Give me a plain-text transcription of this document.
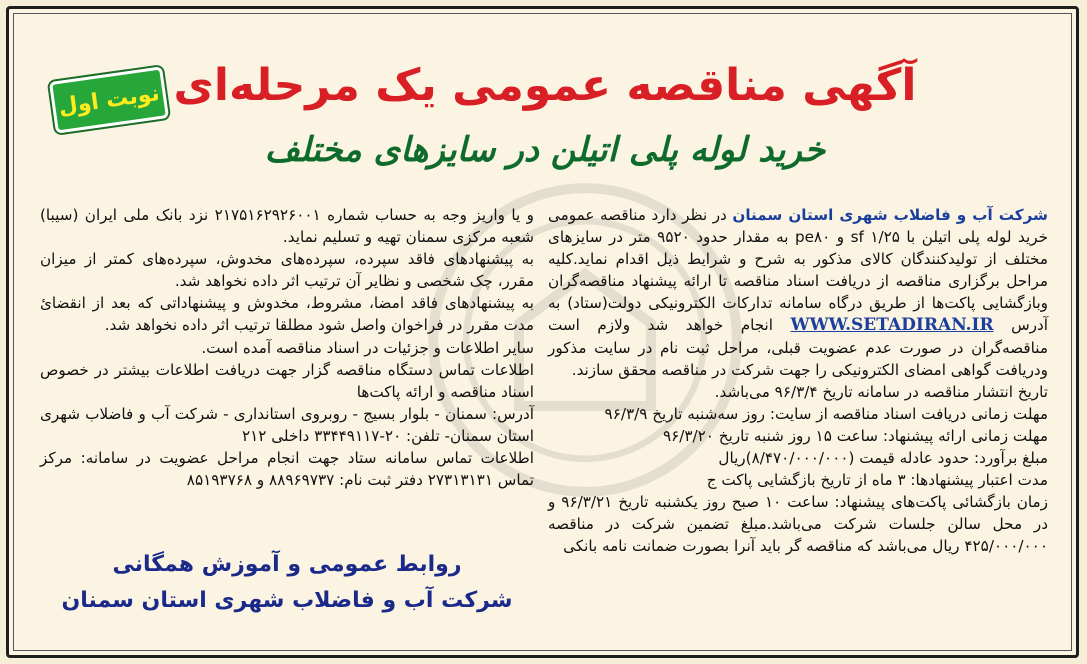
نوبت اول آگهی مناقصه عمومی یک مرحله‌ای
خرید لوله پلی اتیلن در سایزهای مختلف

شرکت آب و فاضلاب شهری استان سمنان در نظر دارد مناقصه عمومی خرید لوله پلی اتیلن با ۱/۲۵ sf و pe۸۰ به مقدار حدود ۹۵۲۰ متر در سایزهای مختلف از تولیدکنندگان کالای مذکور به شرح و شرایط ذیل اقدام نماید.کلیه مراحل برگزاری مناقصه از دریافت اسناد مناقصه تا ارائه پیشنهاد مناقصه‌گران وبازگشایی پاکت‌ها از طریق درگاه سامانه تدارکات الکترونیکی دولت(ستاد) به آدرس WWW.SETADIRAN.IR انجام خواهد شد ولازم است مناقصه‌گران در صورت عدم عضویت قبلی، مراحل ثبت نام در سایت مذکور ودریافت گواهی امضای الکترونیکی را جهت شرکت در مناقصه محقق سازند.

تاریخ انتشار مناقصه در سامانه تاریخ ۹۶/۳/۴ می‌باشد.

مهلت زمانی دریافت اسناد مناقصه از سایت: روز سه‌شنبه تاریخ ۹۶/۳/۹

مهلت زمانی ارائه پیشنهاد: ساعت ۱۵ روز شنبه تاریخ ۹۶/۳/۲۰

مبلغ برآورد: حدود عادله قیمت (۸/۴۷۰/۰۰۰/۰۰۰)ریال

مدت اعتبار پیشنهادها: ۳ ماه از تاریخ بازگشایی پاکت ج

زمان بازگشائی پاکت‌های پیشنهاد: ساعت ۱۰ صبح روز یکشنبه تاریخ ۹۶/۳/۲۱ و در محل سالن جلسات شرکت می‌باشد.مبلغ تضمین شرکت در مناقصه ۴۲۵/۰۰۰/۰۰۰ ریال می‌باشد که مناقصه گر باید آنرا بصورت ضمانت نامه بانکی

و یا واریز وجه به حساب شماره ۲۱۷۵۱۶۲۹۲۶۰۰۱ نزد بانک ملی ایران (سیبا) شعبه مرکزی سمنان تهیه و تسلیم نماید.

به پیشنهادهای فاقد سپرده، سپرده‌های مخدوش، سپرده‌های کمتر از میزان مقرر، چک شخصی و نظایر آن ترتیب اثر داده نخواهد شد.

به پیشنهادهای فاقد امضا، مشروط، مخدوش و پیشنهاداتی که بعد از انقضائ مدت مقرر در فراخوان واصل شود مطلقا ترتیب اثر داده نخواهد شد.

سایر اطلاعات و جزئیات در اسناد مناقصه آمده است.

اطلاعات تماس دستگاه مناقصه گزار جهت دریافت اطلاعات بیشتر در خصوص اسناد مناقصه و ارائه پاکت‌ها

آدرس: سمنان - بلوار بسیج - روبروی استانداری - شرکت آب و فاضلاب شهری استان سمنان- تلفن: ۲۰-۳۳۴۴۹۱۱۷ داخلی ۲۱۲

اطلاعات تماس سامانه ستاد جهت انجام مراحل عضویت در سامانه: مرکز تماس ۲۷۳۱۳۱۳۱ دفتر ثبت نام: ۸۸۹۶۹۷۳۷ و ۸۵۱۹۳۷۶۸

روابط عمومی و آموزش همگانی

شرکت آب و فاضلاب شهری استان سمنان
